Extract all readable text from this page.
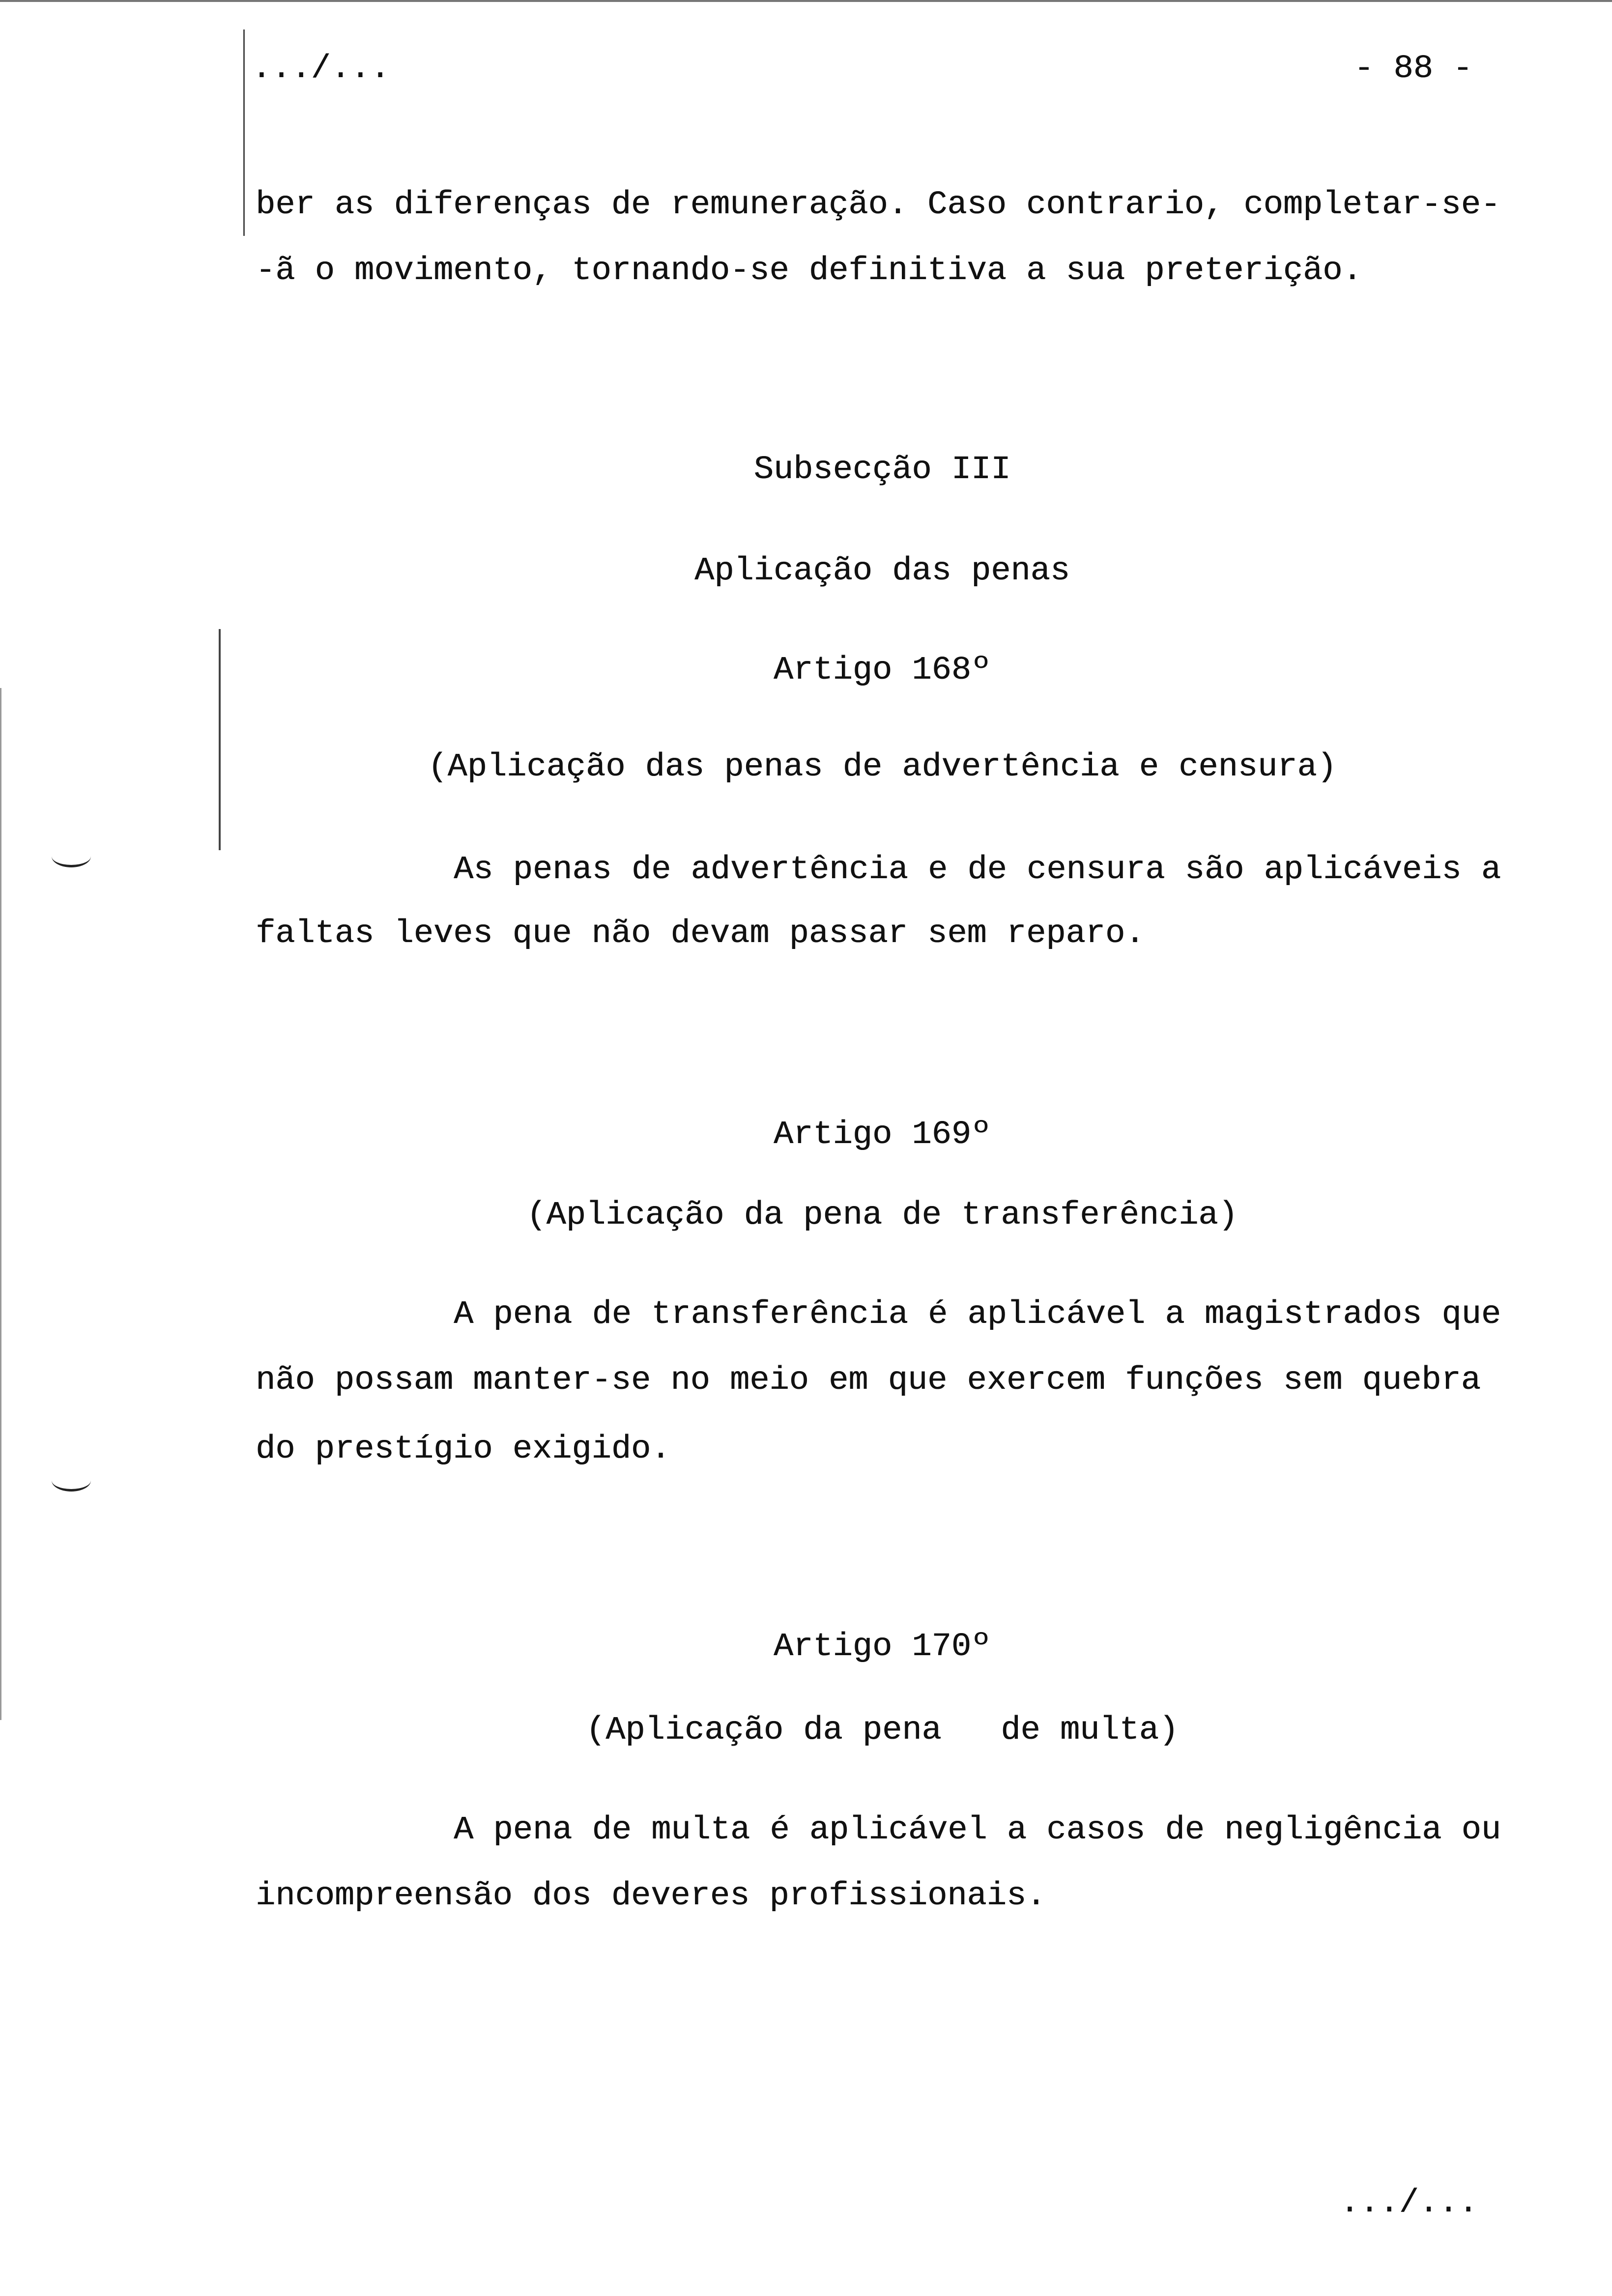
.../...	- 88 -
ber as diferenças de remuneração. Caso contrario, completar-se-
-ã o movimento, tornando-se definitiva a sua preterição.
Subsecção III
Aplicação das penas
Artigo 168º
(Aplicação das penas de advertência e censura)
As penas de advertência e de censura são aplicáveis a
faltas leves que não devam passar sem reparo.
Artigo 169º
(Aplicação da pena de transferência)
A pena de transferência é aplicável a magistrados que
não possam manter-se no meio em que exercem funções sem quebra
do prestígio exigido.
Artigo 170º
(Aplicação da pena   de multa)
A pena de multa é aplicável a casos de negligência ou
incompreensão dos deveres profissionais.
.../...
